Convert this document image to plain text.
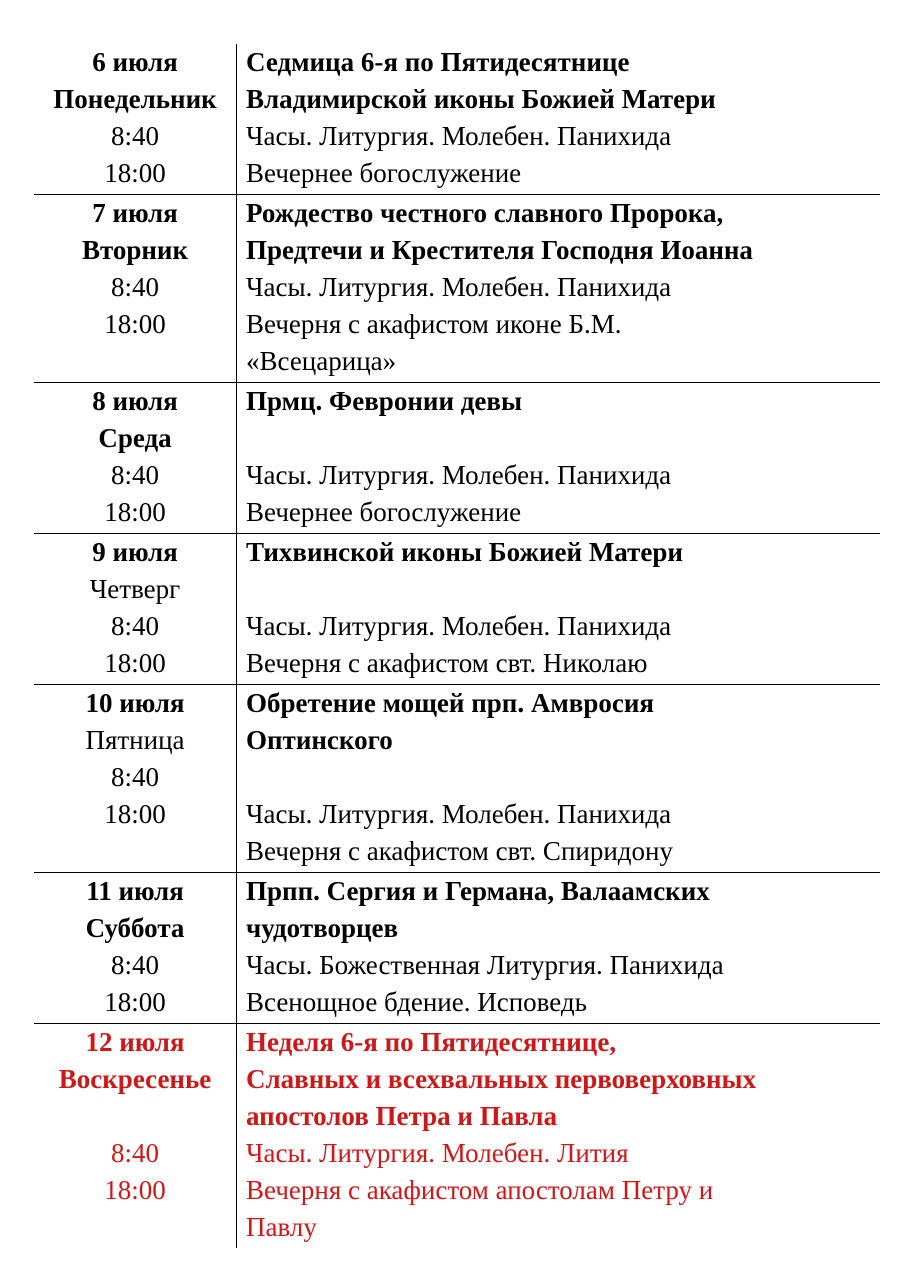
6 июля
Понедельник
8:40
18:00
Седмица 6-я по Пятидесятнице
Владимирской иконы Божией Матери
Часы. Литургия. Молебен. Панихида
Вечернее богослужение
7 июля
Вторник
8:40
18:00
Рождество честного славного Пророка,
Предтечи и Крестителя Господня Иоанна
Часы. Литургия. Молебен. Панихида
Вечерня с акафистом иконе Б.М.
«Всецарица»
8 июля
Среда
8:40
18:00
Прмц. Февронии девы
Часы. Литургия. Молебен. Панихида
Вечернее богослужение
9 июля
Четверг
8:40
18:00
Тихвинской иконы Божией Матери
Часы. Литургия. Молебен. Панихида
Вечерня с акафистом свт. Николаю
10 июля
Пятница
8:40
18:00
Обретение мощей прп. Амвросия
Оптинского
Часы. Литургия. Молебен. Панихида
Вечерня с акафистом свт. Спиридону
11 июля
Суббота
8:40
18:00
Прпп. Сергия и Германа, Валаамских
чудотворцев
Часы. Божественная Литургия. Панихида
Всенощное бдение. Исповедь
12 июля
Воскресенье
8:40
18:00
Неделя 6-я по Пятидесятнице,
Славных и всехвальных первоверховных
апостолов Петра и Павла
Часы. Литургия. Молебен. Лития
Вечерня с акафистом апостолам Петру и
Павлу
